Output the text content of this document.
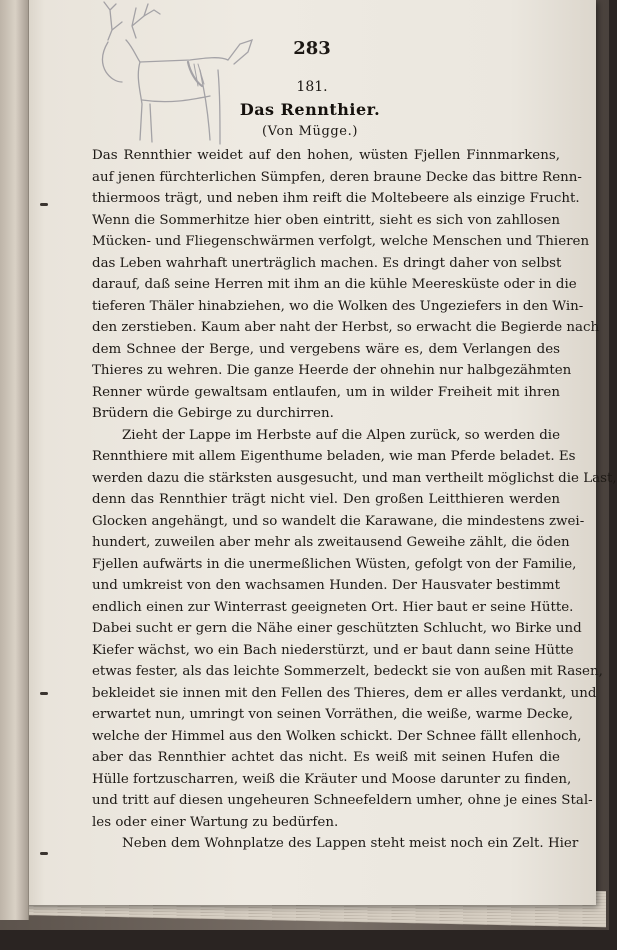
283
181.
Das Rennthier.
(Von Mügge.)
Das Rennthier weidet auf den hohen, wüsten Fjellen Finnmarkens,
auf jenen fürchterlichen Sümpfen, deren braune Decke das bittre Renn-
thiermoos trägt, und neben ihm reift die Moltebeere als einzige Frucht.
Wenn die Sommerhitze hier oben eintritt, sieht es sich von zahllosen
Mücken- und Fliegenschwärmen verfolgt, welche Menschen und Thieren
das Leben wahrhaft unerträglich machen. Es dringt daher von selbst
darauf, daß seine Herren mit ihm an die kühle Meeresküste oder in die
tieferen Thäler hinabziehen, wo die Wolken des Ungeziefers in den Win-
den zerstieben. Kaum aber naht der Herbst, so erwacht die Begierde nach
dem Schnee der Berge, und vergebens wäre es, dem Verlangen des
Thieres zu wehren. Die ganze Heerde der ohnehin nur halbgezähmten
Renner würde gewaltsam entlaufen, um in wilder Freiheit mit ihren
Brüdern die Gebirge zu durchirren.
Zieht der Lappe im Herbste auf die Alpen zurück, so werden die
Rennthiere mit allem Eigenthume beladen, wie man Pferde beladet. Es
werden dazu die stärksten ausgesucht, und man vertheilt möglichst die Last,
denn das Rennthier trägt nicht viel. Den großen Leitthieren werden
Glocken angehängt, und so wandelt die Karawane, die mindestens zwei-
hundert, zuweilen aber mehr als zweitausend Geweihe zählt, die öden
Fjellen aufwärts in die unermeßlichen Wüsten, gefolgt von der Familie,
und umkreist von den wachsamen Hunden. Der Hausvater bestimmt
endlich einen zur Winterrast geeigneten Ort. Hier baut er seine Hütte.
Dabei sucht er gern die Nähe einer geschützten Schlucht, wo Birke und
Kiefer wächst, wo ein Bach niederstürzt, und er baut dann seine Hütte
etwas fester, als das leichte Sommerzelt, bedeckt sie von außen mit Rasen,
bekleidet sie innen mit den Fellen des Thieres, dem er alles verdankt, und
erwartet nun, umringt von seinen Vorräthen, die weiße, warme Decke,
welche der Himmel aus den Wolken schickt. Der Schnee fällt ellenhoch,
aber das Rennthier achtet das nicht. Es weiß mit seinen Hufen die
Hülle fortzuscharren, weiß die Kräuter und Moose darunter zu finden,
und tritt auf diesen ungeheuren Schneefeldern umher, ohne je eines Stal-
les oder einer Wartung zu bedürfen.
Neben dem Wohnplatze des Lappen steht meist noch ein Zelt. Hier
